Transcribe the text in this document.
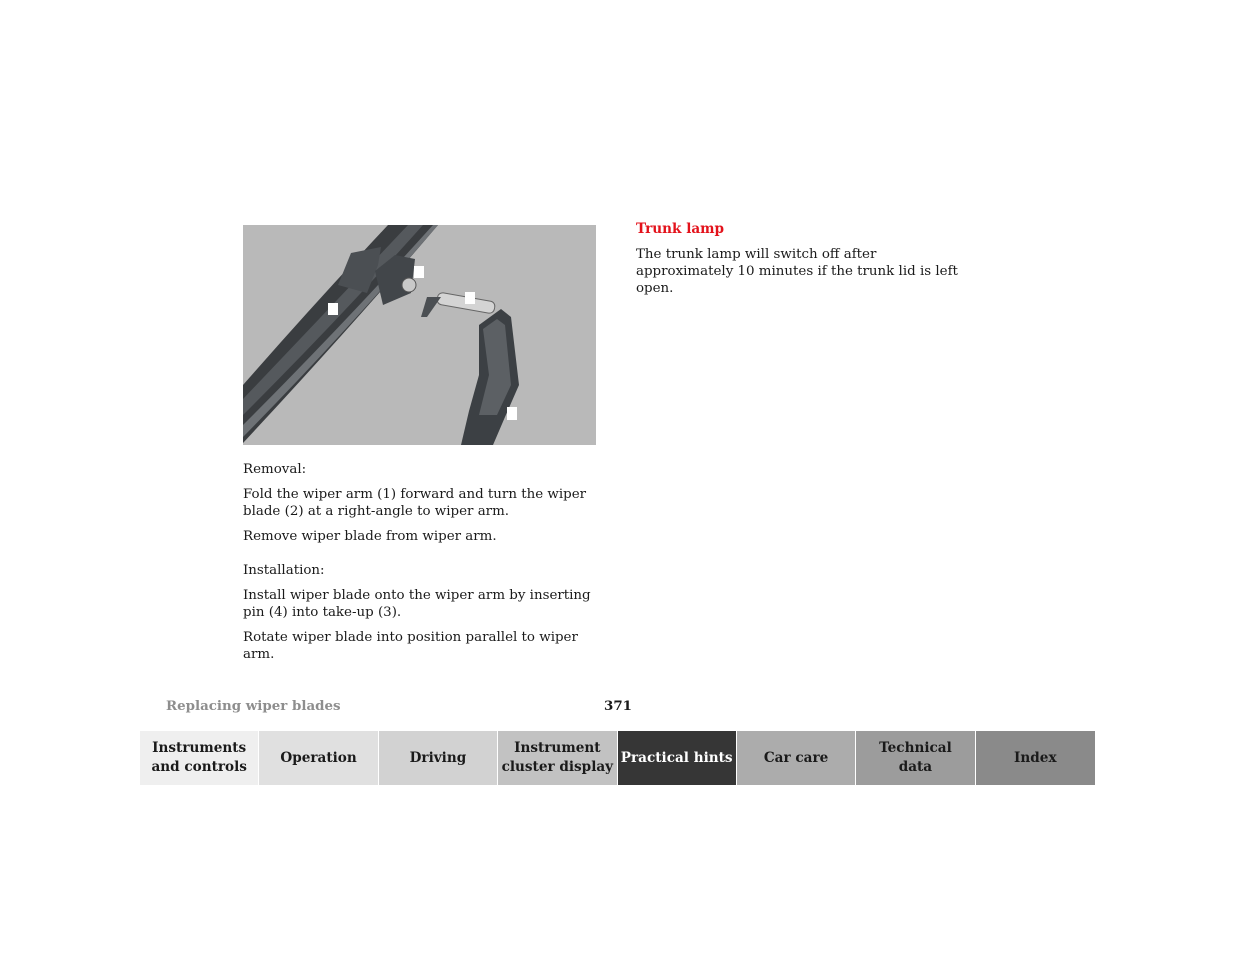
Removal:

Fold the wiper arm (1) forward and turn the wiper blade (2) at a right-angle to wiper arm.

Remove wiper blade from wiper arm.

Installation:

Install wiper blade onto the wiper arm by inserting pin (4) into take-up (3).

Rotate wiper blade into position parallel to wiper arm.

Trunk lamp

The trunk lamp will switch off after approximately 10 minutes if the trunk lid is left open.

Replacing wiper blades	371
Instruments
and controls
Operation	Driving
Instrument
cluster display
Practical hints	Car care
Technical
data
Index
